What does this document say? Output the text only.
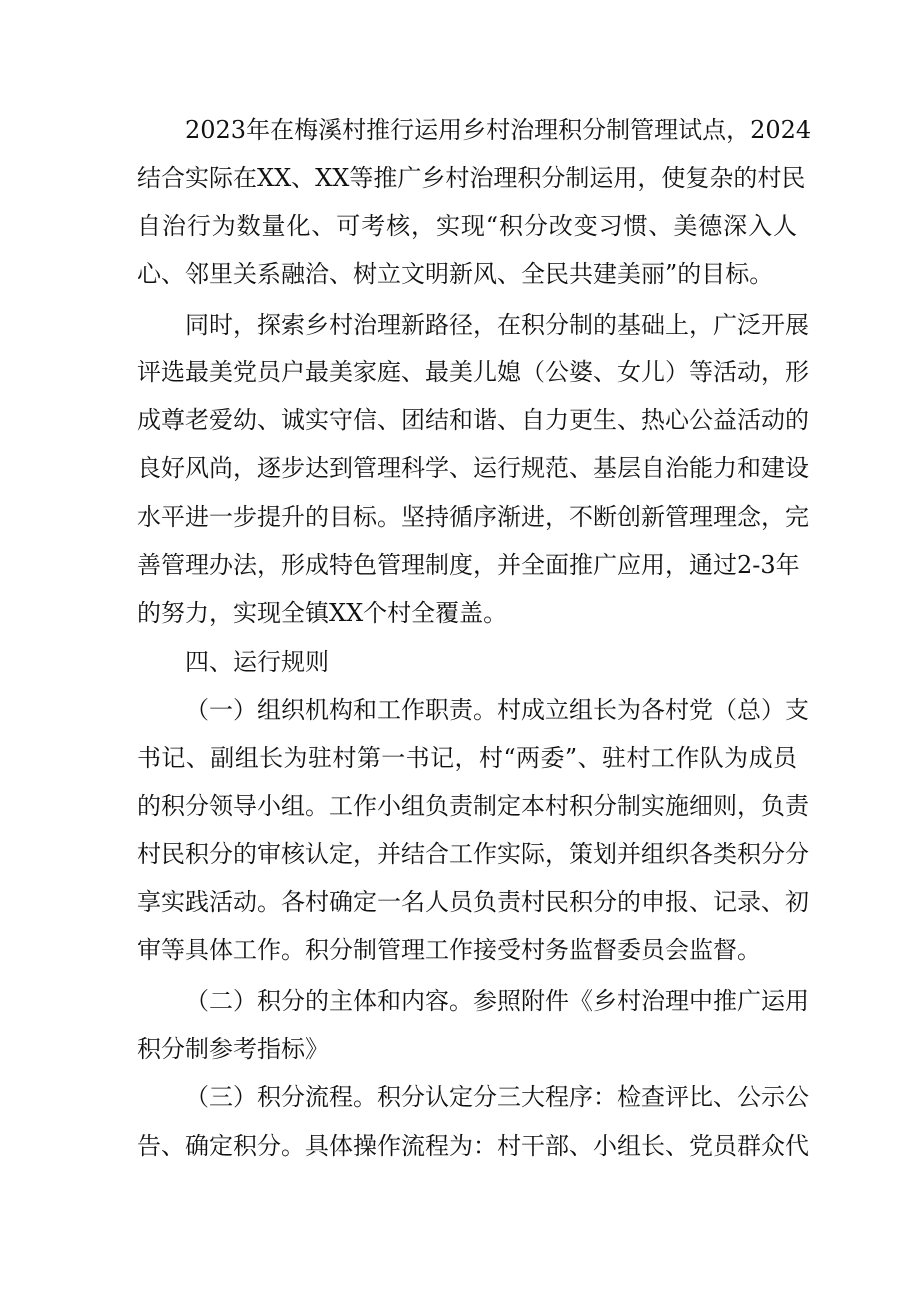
2023年在梅溪村推行运用乡村治理积分制管理试点，2024
结合实际在XX、XX等推广乡村治理积分制运用，使复杂的村民
自治行为数量化、可考核，实现“积分改变习惯、美德深入人
心、邻里关系融洽、树立文明新风、全民共建美丽”的目标。
同时，探索乡村治理新路径，在积分制的基础上，广泛开展
评选最美党员户最美家庭、最美儿媳（公婆、女儿）等活动，形
成尊老爱幼、诚实守信、团结和谐、自力更生、热心公益活动的
良好风尚，逐步达到管理科学、运行规范、基层自治能力和建设
水平进一步提升的目标。坚持循序渐进，不断创新管理理念，完
善管理办法，形成特色管理制度，并全面推广应用，通过2-3年
的努力，实现全镇XX个村全覆盖。
四、运行规则
（一）组织机构和工作职责。村成立组长为各村党（总）支
书记、副组长为驻村第一书记，村“两委”、驻村工作队为成员
的积分领导小组。工作小组负责制定本村积分制实施细则，负责
村民积分的审核认定，并结合工作实际，策划并组织各类积分分
享实践活动。各村确定一名人员负责村民积分的申报、记录、初
审等具体工作。积分制管理工作接受村务监督委员会监督。
（二）积分的主体和内容。参照附件《乡村治理中推广运用
积分制参考指标》
（三）积分流程。积分认定分三大程序：检查评比、公示公
告、确定积分。具体操作流程为：村干部、小组长、党员群众代
